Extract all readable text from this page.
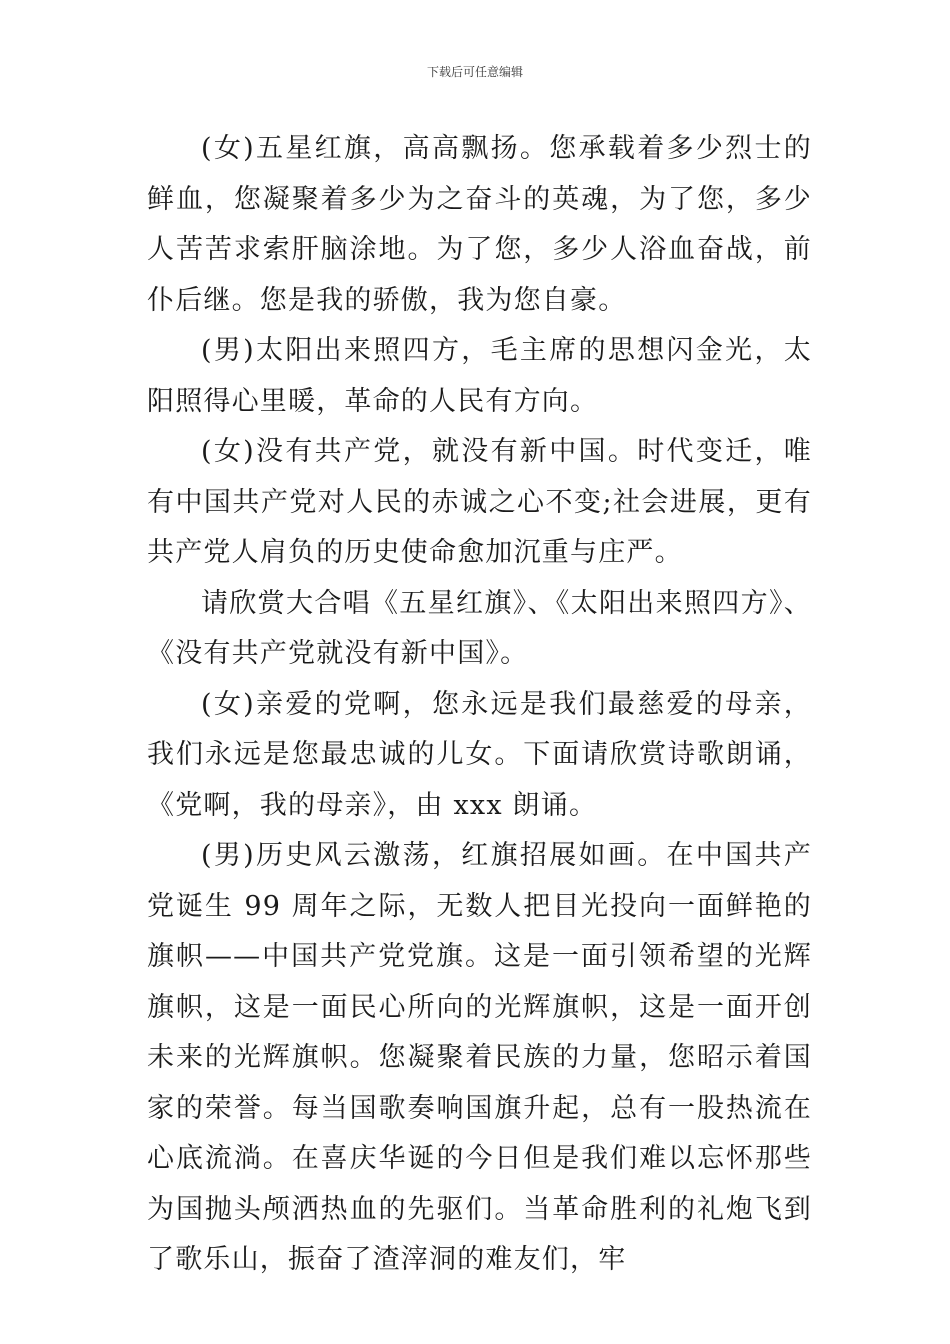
下载后可任意编辑

(女)五星红旗，高高飘扬。您承载着多少烈士的鲜血，您凝聚着多少为之奋斗的英魂，为了您，多少人苦苦求索肝脑涂地。为了您，多少人浴血奋战，前仆后继。您是我的骄傲，我为您自豪。

(男)太阳出来照四方，毛主席的思想闪金光，太阳照得心里暖，革命的人民有方向。

(女)没有共产党，就没有新中国。时代变迁，唯有中国共产党对人民的赤诚之心不变;社会进展，更有共产党人肩负的历史使命愈加沉重与庄严。

请欣赏大合唱《五星红旗》、《太阳出来照四方》、《没有共产党就没有新中国》。

(女)亲爱的党啊，您永远是我们最慈爱的母亲，我们永远是您最忠诚的儿女。下面请欣赏诗歌朗诵，《党啊，我的母亲》，由 xxx 朗诵。

(男)历史风云激荡，红旗招展如画。在中国共产党诞生 99 周年之际，无数人把目光投向一面鲜艳的旗帜——中国共产党党旗。这是一面引领希望的光辉旗帜，这是一面民心所向的光辉旗帜，这是一面开创未来的光辉旗帜。您凝聚着民族的力量，您昭示着国家的荣誉。每当国歌奏响国旗升起，总有一股热流在心底流淌。在喜庆华诞的今日但是我们难以忘怀那些为国抛头颅洒热血的先驱们。当革命胜利的礼炮飞到了歌乐山，振奋了渣滓洞的难友们，牢
